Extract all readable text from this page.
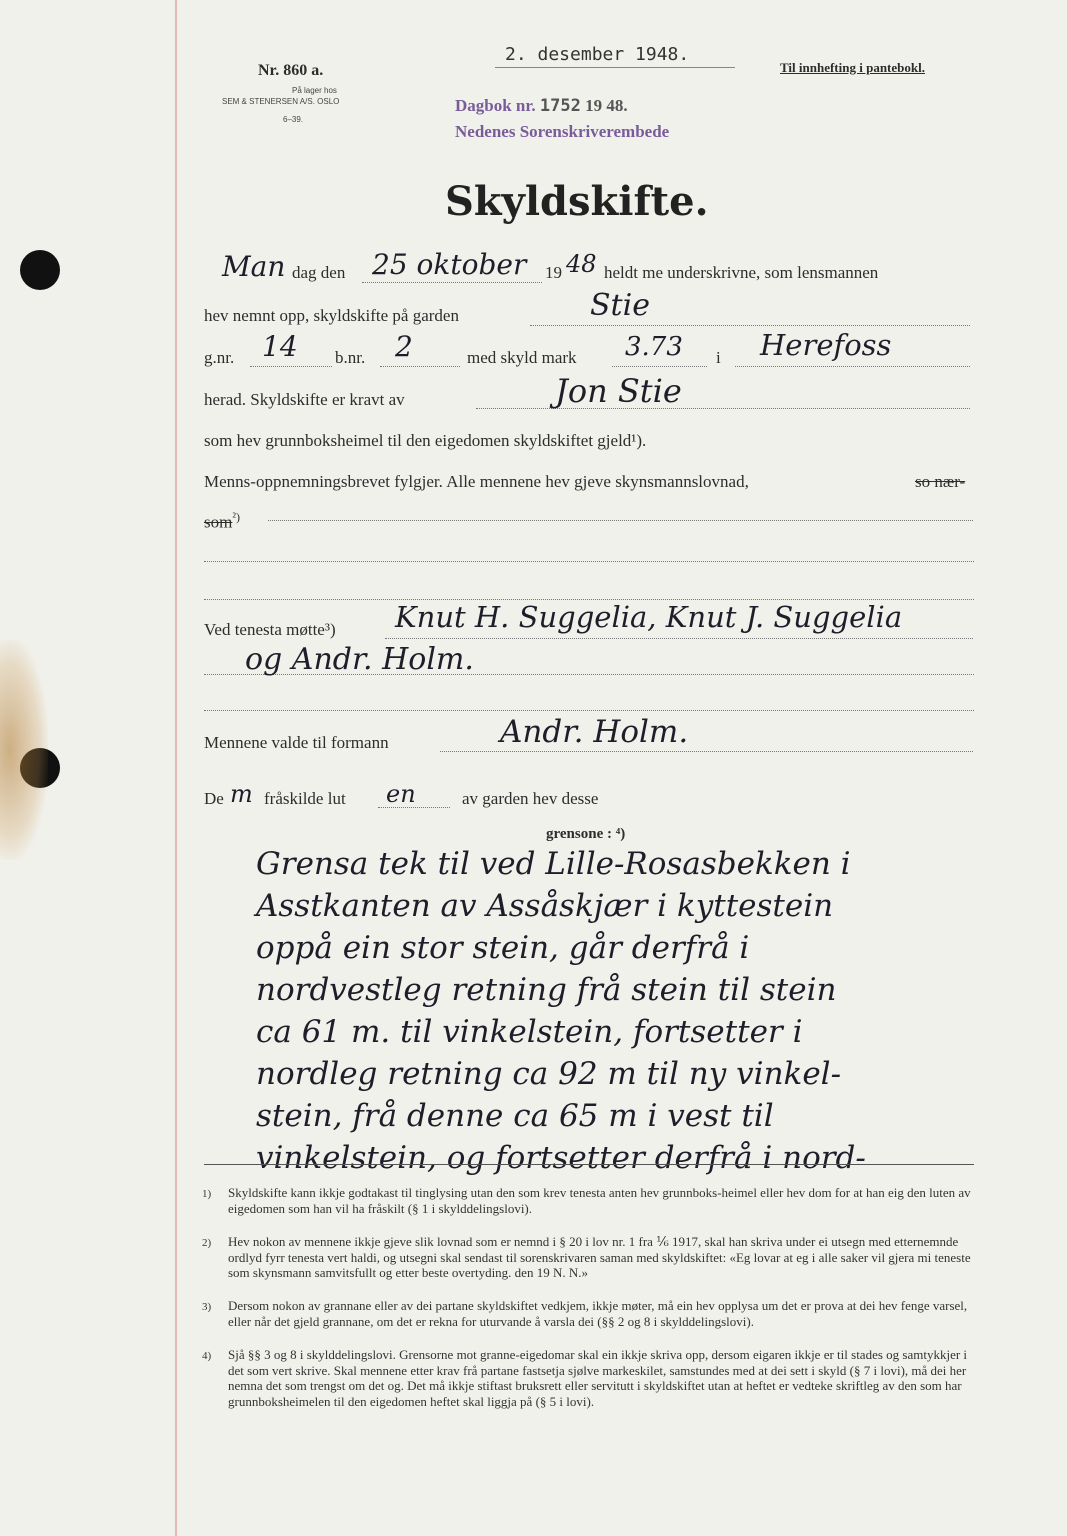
Nr. 860 a.
På lager hos
SEM & STENERSEN A/S. OSLO
6–39.
2. desember 1948.
Til innhefting i pantebokl.
Dagbok nr. 1752 19 48.
Nedenes Sorenskriverembede
Skyldskifte.
Man dag den 25 oktober 19 48 heldt me underskrivne, som lensmannen
hev nemnt opp, skyldskifte på garden	Stie
g.nr. 14 b.nr. 2	med skyld mark 3.73 i Herefoss
herad. Skyldskifte er kravt av	Jon Stie
som hev grunnboksheimel til den eigedomen skyldskiftet gjeld¹).
Menns-oppnemningsbrevet fylgjer. Alle mennene hev gjeve skynsmannslovnad,	so nær-
som$^{^2)}$
Ved tenesta møtte³) Knut H. Suggelia, Knut J. Suggelia
og Andr. Holm.
Mennene valde til formann	Andr. Holm.
De m fråskilde lut en	av garden hev desse
grensone : ⁴)
Grensa tek til ved Lille-Rosasbekken i
Asstkanten av Assåskjær i kyttestein
oppå ein stor stein, går derfrå i
nordvestleg retning frå stein til stein
ca 61 m. til vinkelstein, fortsetter i
nordleg retning ca 92 m til ny vinkel-
stein, frå denne ca 65 m i vest til
vinkelstein, og fortsetter derfrå i nord-
1) Skyldskifte kann ikkje godtakast til tinglysing utan den som krev tenesta anten hev grunnboks-heimel eller hev dom for at han eig den luten av eigedomen som han vil ha fråskilt (§ 1 i skylddelingslovi).
2) Hev nokon av mennene ikkje gjeve slik lovnad som er nemnd i § 20 i lov nr. 1 fra ⅙ 1917, skal han skriva under ei utsegn med etternemnde ordlyd fyrr tenesta vert haldi, og utsegni skal sendast til sorenskrivaren saman med skyldskiftet: «Eg lovar at eg i alle saker vil gjera mi teneste som skynsmann samvitsfullt og etter beste overtyding. den 19 N. N.»
3) Dersom nokon av grannane eller av dei partane skyldskiftet vedkjem, ikkje møter, må ein hev opplysa um det er prova at dei hev fenge varsel, eller når det gjeld grannane, om det er rekna for uturvande å varsla dei (§§ 2 og 8 i skylddelingslovi).
4) Sjå §§ 3 og 8 i skylddelingslovi. Grensorne mot granne-eigedomar skal ein ikkje skriva opp, dersom eigaren ikkje er til stades og samtykkjer i det som vert skrive. Skal mennene etter krav frå partane fastsetja sjølve markeskilet, samstundes med at dei sett i skyld (§ 7 i lovi), må dei her nemna det som trengst om det og. Det må ikkje stiftast bruksrett eller servitutt i skyldskiftet utan at heftet er vedteke skriftleg av den som har grunnboksheimelen til den eigedomen heftet skal liggja på (§ 5 i lovi).
